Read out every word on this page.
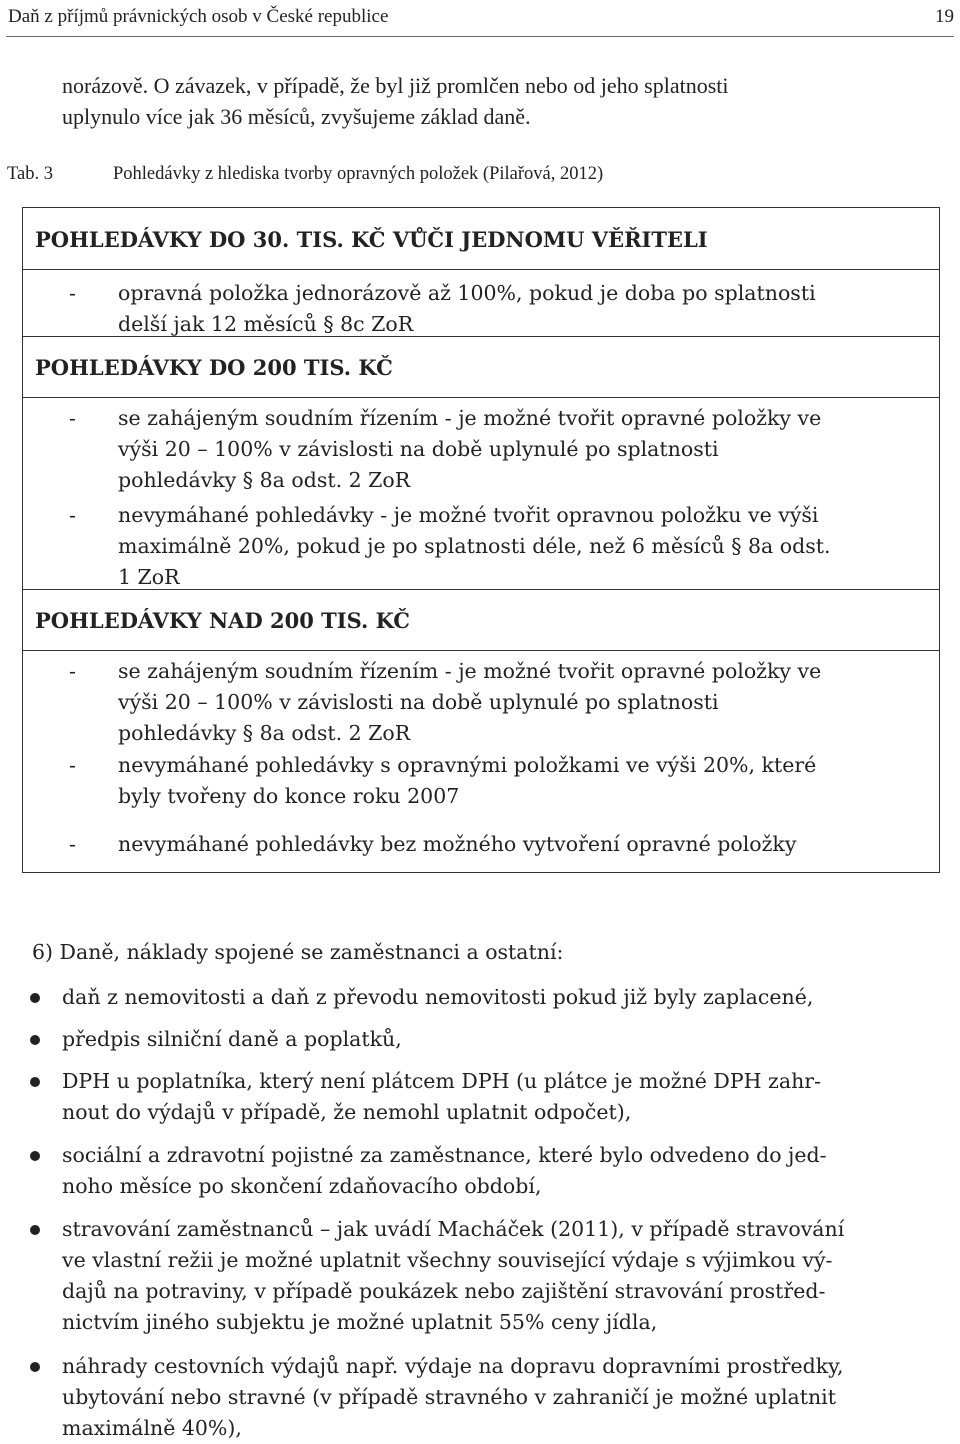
Daň z příjmů právnických osob v České republice	19
norázově. O závazek, v případě, že byl již promlčen nebo od jeho splatnosti
uplynulo více jak 36 měsíců, zvyšujeme základ daně.
Tab. 3	Pohledávky z hlediska tvorby opravných položek (Pilařová, 2012)
POHLEDÁVKY DO 30. TIS. KČ VŮČI JEDNOMU VĚŘITELI
- opravná položka jednorázově až 100%, pokud je doba po splatnosti
delší jak 12 měsíců § 8c ZoR
POHLEDÁVKY DO 200 TIS. KČ
- se zahájeným soudním řízením - je možné tvořit opravné položky ve
výši 20 – 100% v závislosti na době uplynulé po splatnosti
pohledávky § 8a odst. 2 ZoR
- nevymáhané pohledávky - je možné tvořit opravnou položku ve výši
maximálně 20%, pokud je po splatnosti déle, než 6 měsíců § 8a odst.
1 ZoR
POHLEDÁVKY NAD 200 TIS. KČ
- se zahájeným soudním řízením - je možné tvořit opravné položky ve
výši 20 – 100% v závislosti na době uplynulé po splatnosti
pohledávky § 8a odst. 2 ZoR
- nevymáhané pohledávky s opravnými položkami ve výši 20%, které
byly tvořeny do konce roku 2007
- nevymáhané pohledávky bez možného vytvoření opravné položky
6) Daně, náklady spojené se zaměstnanci a ostatní:
daň z nemovitosti a daň z převodu nemovitosti pokud již byly zaplacené,
předpis silniční daně a poplatků,
DPH u poplatníka, který není plátcem DPH (u plátce je možné DPH zahr-
nout do výdajů v případě, že nemohl uplatnit odpočet),
sociální a zdravotní pojistné za zaměstnance, které bylo odvedeno do jed-
noho měsíce po skončení zdaňovacího období,
stravování zaměstnanců – jak uvádí Macháček (2011), v případě stravování
ve vlastní režii je možné uplatnit všechny související výdaje s výjimkou vý-
dajů na potraviny, v případě poukázek nebo zajištění stravování prostřed-
nictvím jiného subjektu je možné uplatnit 55% ceny jídla,
náhrady cestovních výdajů např. výdaje na dopravu dopravními prostředky,
ubytování nebo stravné (v případě stravného v zahraničí je možné uplatnit
maximálně 40%),
